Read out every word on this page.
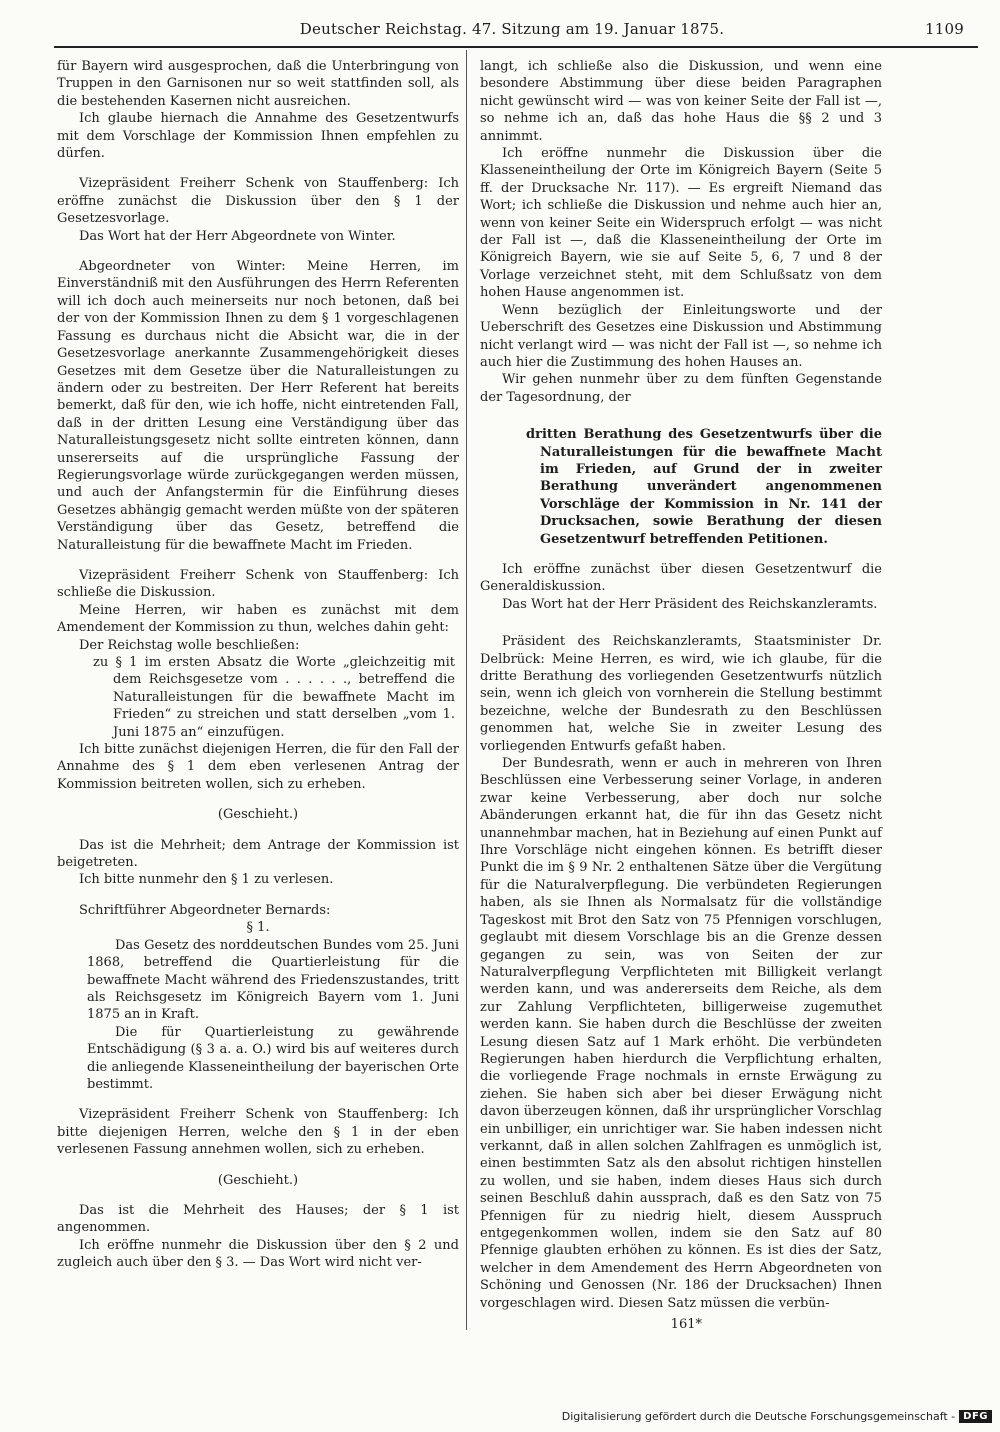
Deutscher Reichstag. 47. Sitzung am 19. Januar 1875.	1109

für Bayern wird ausgesprochen, daß die Unterbringung von Truppen in den Garnisonen nur so weit stattfinden soll, als die bestehenden Kasernen nicht ausreichen.

Ich glaube hiernach die Annahme des Gesetzentwurfs mit dem Vorschlage der Kommission Ihnen empfehlen zu dürfen.

Vizepräsident Freiherr Schenk von Stauffenberg: Ich eröffne zunächst die Diskussion über den § 1 der Gesetzesvorlage.

Das Wort hat der Herr Abgeordnete von Winter.

Abgeordneter von Winter: Meine Herren, im Einverständniß mit den Ausführungen des Herrn Referenten will ich doch auch meinerseits nur noch betonen, daß bei der von der Kommission Ihnen zu dem § 1 vorgeschlagenen Fassung es durchaus nicht die Absicht war, die in der Gesetzesvorlage anerkannte Zusammengehörigkeit dieses Gesetzes mit dem Gesetze über die Naturalleistungen zu ändern oder zu bestreiten. Der Herr Referent hat bereits bemerkt, daß für den, wie ich hoffe, nicht eintretenden Fall, daß in der dritten Lesung eine Verständigung über das Naturalleistungsgesetz nicht sollte eintreten können, dann unsererseits auf die ursprüngliche Fassung der Regierungsvorlage würde zurückgegangen werden müssen, und auch der Anfangstermin für die Einführung dieses Gesetzes abhängig gemacht werden müßte von der späteren Verständigung über das Gesetz, betreffend die Naturalleistung für die bewaffnete Macht im Frieden.

Vizepräsident Freiherr Schenk von Stauffenberg: Ich schließe die Diskussion.

Meine Herren, wir haben es zunächst mit dem Amendement der Kommission zu thun, welches dahin geht:

Der Reichstag wolle beschließen:

zu § 1 im ersten Absatz die Worte „gleichzeitig mit dem Reichsgesetze vom . . . . . ., betreffend die Naturalleistungen für die bewaffnete Macht im Frieden“ zu streichen und statt derselben „vom 1. Juni 1875 an“ einzufügen.

Ich bitte zunächst diejenigen Herren, die für den Fall der Annahme des § 1 dem eben verlesenen Antrag der Kommission beitreten wollen, sich zu erheben.

(Geschieht.)

Das ist die Mehrheit; dem Antrage der Kommission ist beigetreten.

Ich bitte nunmehr den § 1 zu verlesen.

Schriftführer Abgeordneter Bernards:

§ 1.

Das Gesetz des norddeutschen Bundes vom 25. Juni 1868, betreffend die Quartierleistung für die bewaffnete Macht während des Friedenszustandes, tritt als Reichsgesetz im Königreich Bayern vom 1. Juni 1875 an in Kraft.

Die für Quartierleistung zu gewährende Entschädigung (§ 3 a. a. O.) wird bis auf weiteres durch die anliegende Klasseneintheilung der bayerischen Orte bestimmt.

Vizepräsident Freiherr Schenk von Stauffenberg: Ich bitte diejenigen Herren, welche den § 1 in der eben verlesenen Fassung annehmen wollen, sich zu erheben.

(Geschieht.)

Das ist die Mehrheit des Hauses; der § 1 ist angenommen.

Ich eröffne nunmehr die Diskussion über den § 2 und zugleich auch über den § 3. — Das Wort wird nicht ver-

langt, ich schließe also die Diskussion, und wenn eine besondere Abstimmung über diese beiden Paragraphen nicht gewünscht wird — was von keiner Seite der Fall ist —, so nehme ich an, daß das hohe Haus die §§ 2 und 3 annimmt.

Ich eröffne nunmehr die Diskussion über die Klasseneintheilung der Orte im Königreich Bayern (Seite 5 ff. der Drucksache Nr. 117). — Es ergreift Niemand das Wort; ich schließe die Diskussion und nehme auch hier an, wenn von keiner Seite ein Widerspruch erfolgt — was nicht der Fall ist —, daß die Klasseneintheilung der Orte im Königreich Bayern, wie sie auf Seite 5, 6, 7 und 8 der Vorlage verzeichnet steht, mit dem Schlußsatz von dem hohen Hause angenommen ist.

Wenn bezüglich der Einleitungsworte und der Ueberschrift des Gesetzes eine Diskussion und Abstimmung nicht verlangt wird — was nicht der Fall ist —, so nehme ich auch hier die Zustimmung des hohen Hauses an.

Wir gehen nunmehr über zu dem fünften Gegenstande der Tagesordnung, der

dritten Berathung des Gesetzentwurfs über die Naturalleistungen für die bewaffnete Macht im Frieden, auf Grund der in zweiter Berathung unverändert angenommenen Vorschläge der Kommission in Nr. 141 der Drucksachen, sowie Berathung der diesen Gesetzentwurf betreffenden Petitionen.

Ich eröffne zunächst über diesen Gesetzentwurf die Generaldiskussion.

Das Wort hat der Herr Präsident des Reichskanzleramts.

Präsident des Reichskanzleramts, Staatsminister Dr. Delbrück: Meine Herren, es wird, wie ich glaube, für die dritte Berathung des vorliegenden Gesetzentwurfs nützlich sein, wenn ich gleich von vornherein die Stellung bestimmt bezeichne, welche der Bundesrath zu den Beschlüssen genommen hat, welche Sie in zweiter Lesung des vorliegenden Entwurfs gefaßt haben.

Der Bundesrath, wenn er auch in mehreren von Ihren Beschlüssen eine Verbesserung seiner Vorlage, in anderen zwar keine Verbesserung, aber doch nur solche Abänderungen erkannt hat, die für ihn das Gesetz nicht unannehmbar machen, hat in Beziehung auf einen Punkt auf Ihre Vorschläge nicht eingehen können. Es betrifft dieser Punkt die im § 9 Nr. 2 enthaltenen Sätze über die Vergütung für die Naturalverpflegung. Die verbündeten Regierungen haben, als sie Ihnen als Normalsatz für die vollständige Tageskost mit Brot den Satz von 75 Pfennigen vorschlugen, geglaubt mit diesem Vorschlage bis an die Grenze dessen gegangen zu sein, was von Seiten der zur Naturalverpflegung Verpflichteten mit Billigkeit verlangt werden kann, und was andererseits dem Reiche, als dem zur Zahlung Verpflichteten, billigerweise zugemuthet werden kann. Sie haben durch die Beschlüsse der zweiten Lesung diesen Satz auf 1 Mark erhöht. Die verbündeten Regierungen haben hierdurch die Verpflichtung erhalten, die vorliegende Frage nochmals in ernste Erwägung zu ziehen. Sie haben sich aber bei dieser Erwägung nicht davon überzeugen können, daß ihr ursprünglicher Vorschlag ein unbilliger, ein unrichtiger war. Sie haben indessen nicht verkannt, daß in allen solchen Zahlfragen es unmöglich ist, einen bestimmten Satz als den absolut richtigen hinstellen zu wollen, und sie haben, indem dieses Haus sich durch seinen Beschluß dahin aussprach, daß es den Satz von 75 Pfennigen für zu niedrig hielt, diesem Ausspruch entgegenkommen wollen, indem sie den Satz auf 80 Pfennige glaubten erhöhen zu können. Es ist dies der Satz, welcher in dem Amendement des Herrn Abgeordneten von Schöning und Genossen (Nr. 186 der Drucksachen) Ihnen vorgeschlagen wird. Diesen Satz müssen die verbün-

161*

Digitalisierung gefördert durch die Deutsche Forschungsgemeinschaft - DFG
